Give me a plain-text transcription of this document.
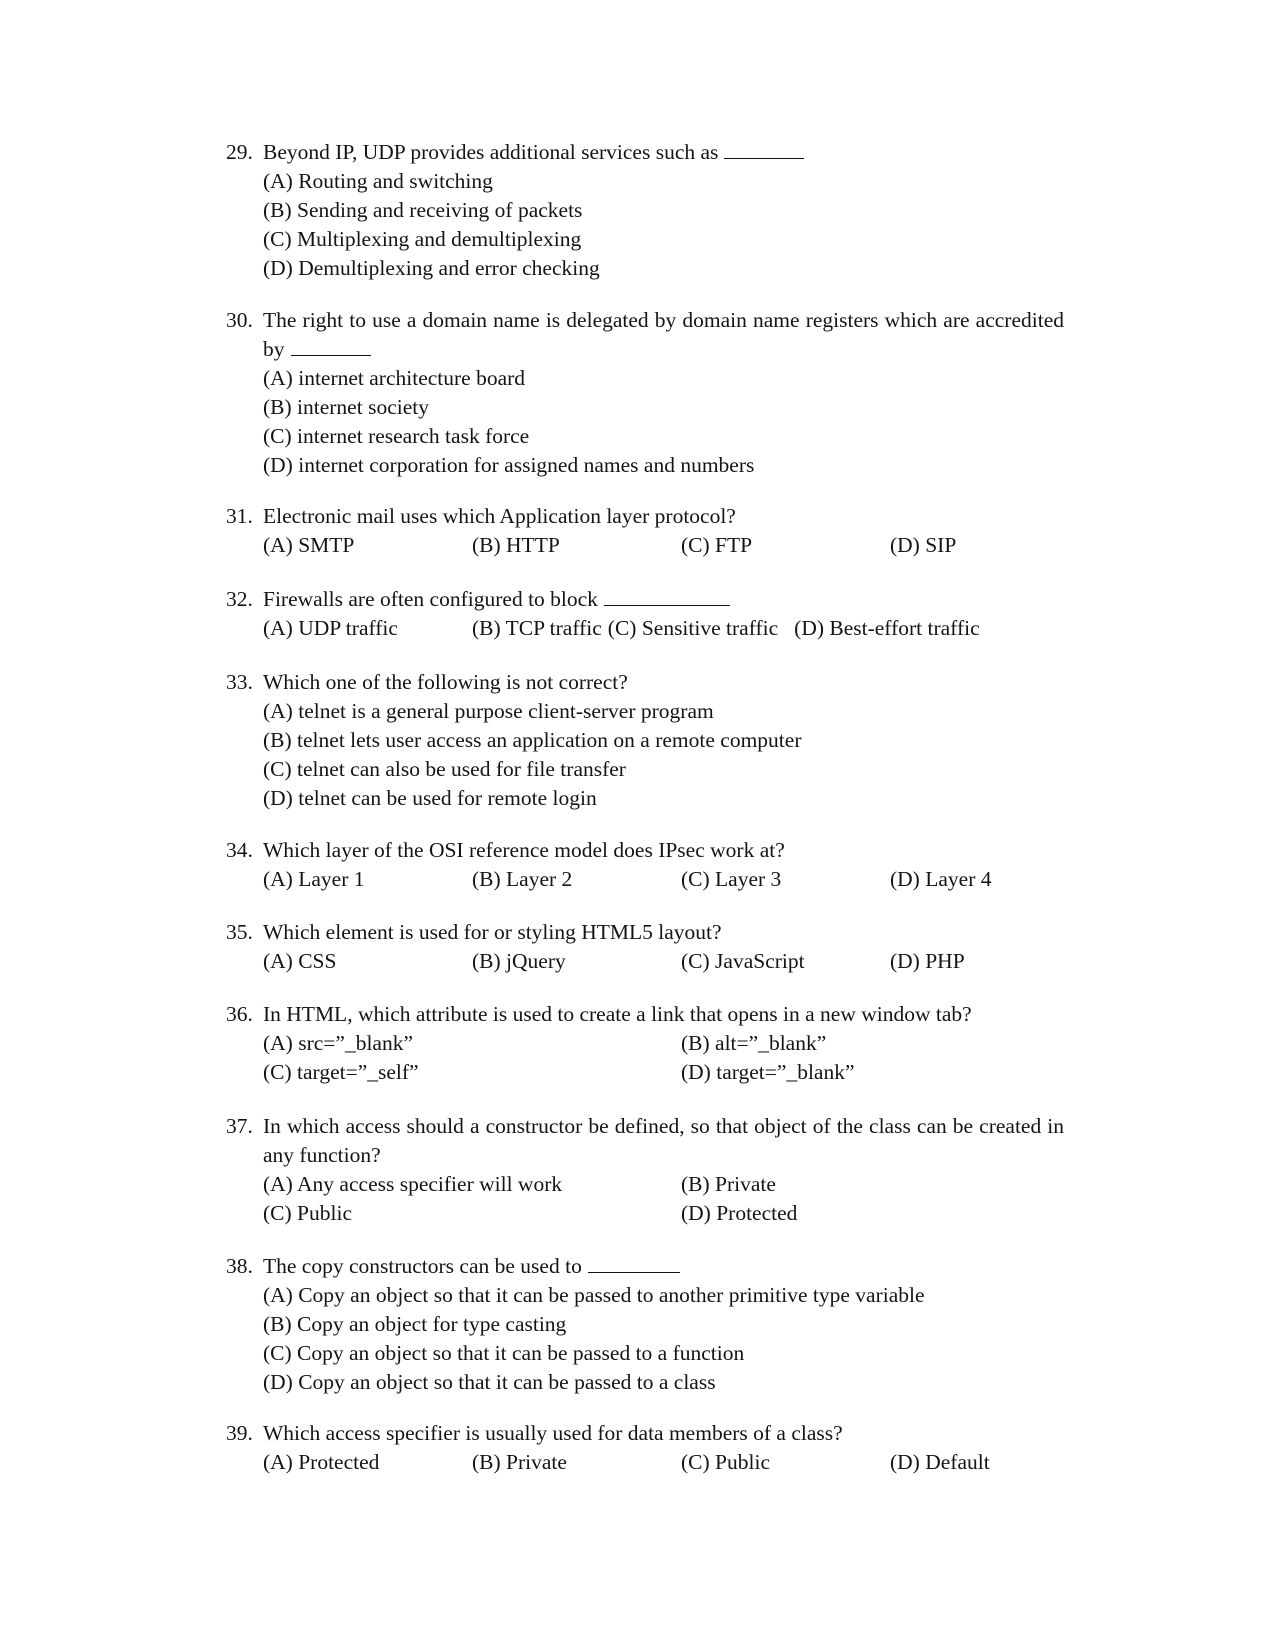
29. Beyond IP, UDP provides additional services such as
(A) Routing and switching
(B) Sending and receiving of packets
(C) Multiplexing and demultiplexing
(D) Demultiplexing and error checking
30. The right to use a domain name is delegated by domain name registers which are accredited by
(A) internet architecture board
(B) internet society
(C) internet research task force
(D) internet corporation for assigned names and numbers
31. Electronic mail uses which Application layer protocol?
(A) SMTP	(B) HTTP	(C) FTP	(D) SIP
32. Firewalls are often configured to block
(A) UDP traffic	(B) TCP traffic (C) Sensitive traffic (D) Best-effort traffic
33. Which one of the following is not correct?
(A) telnet is a general purpose client-server program
(B) telnet lets user access an application on a remote computer
(C) telnet can also be used for file transfer
(D) telnet can be used for remote login
34. Which layer of the OSI reference model does IPsec work at?
(A) Layer 1	(B) Layer 2	(C) Layer 3	(D) Layer 4
35. Which element is used for or styling HTML5 layout?
(A) CSS	(B) jQuery	(C) JavaScript	(D) PHP
36. In HTML, which attribute is used to create a link that opens in a new window tab?
(A) src=”_blank”	(B) alt=”_blank”
(C) target=”_self”	(D) target=”_blank”
37. In which access should a constructor be defined, so that object of the class can be created in any function?
(A) Any access specifier will work	(B) Private
(C) Public	(D) Protected
38. The copy constructors can be used to
(A) Copy an object so that it can be passed to another primitive type variable
(B) Copy an object for type casting
(C) Copy an object so that it can be passed to a function
(D) Copy an object so that it can be passed to a class
39. Which access specifier is usually used for data members of a class?
(A) Protected	(B) Private	(C) Public	(D) Default
